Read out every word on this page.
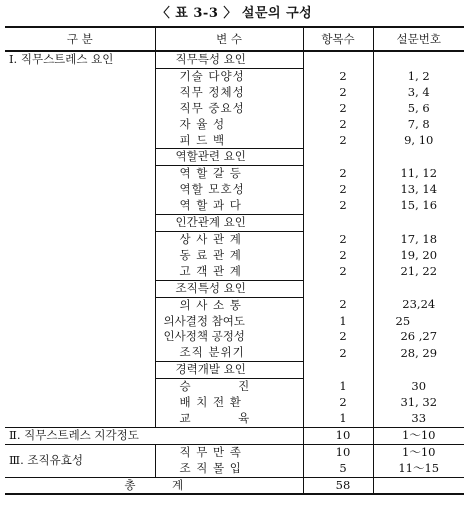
〈 표 3-3 〉 설문의 구성
구 분	변 수	항목수	설문번호
Ⅰ. 직무스트레스 요인	직무특성 요인		
	기술 다양성	2	1, 2
	직무 정체성	2	3, 4
	직무 중요성	2	5, 6
	자 율 성	2	7, 8
	피 드 백	2	9, 10
	역할관련 요인		
	역 할 갈 등	2	11, 12
	역할 모호성	2	13, 14
	역 할 과 다	2	15, 16
	인간관계 요인		
	상 사 관 계	2	17, 18
	동 료 관 계	2	19, 20
	고 객 관 계	2	21, 22
	조직특성 요인		
	의 사 소 통	2	23,24
	의사결정 참여도	1	25
	인사정책 공정성	2	26 ,27
	조직 분위기	2	28, 29
	경력개발 요인		
	승          진	1	30
	배 치 전 환	2	31, 32
	교          육	1	33
Ⅱ. 직무스트레스 지각정도		10	1～10
Ⅲ. 조직유효성	직 무 만 족	10	1～10
	조 직 몰 입	5	11～15
총          계		58	
